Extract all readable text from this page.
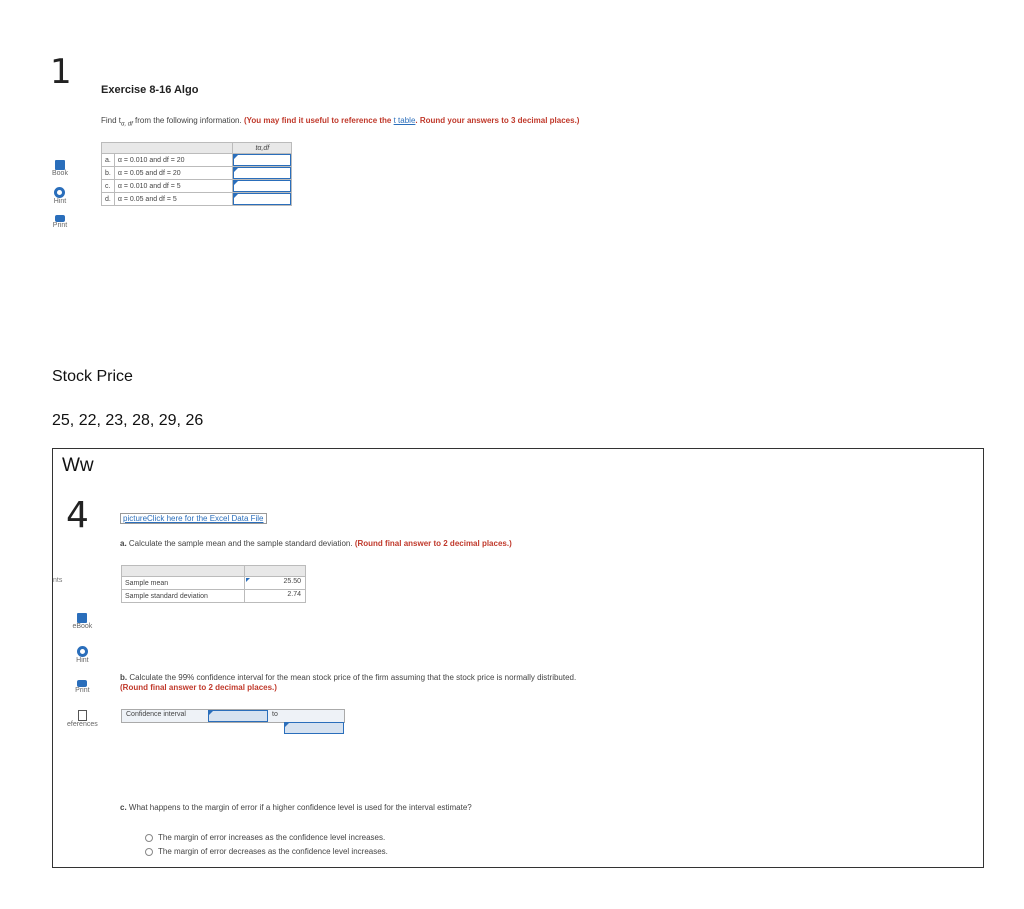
1
Book
Hint
Print
Exercise 8-16 Algo
Find $t_{\alpha, df}$ from the following information. (You may find it useful to reference the t table. Round your answers to 3 decimal places.)
		tα,df
a.	α = 0.010 and df = 20	

b.	α = 0.05 and df = 20	

c.	α = 0.010 and df = 5	

d.	α = 0.05 and df = 5	
Stock Price
25, 22, 23, 28, 29, 26
Ww
4
nts
eBook
Hint
Print
eferences
pictureClick here for the Excel Data File
a. Calculate the sample mean and the sample standard deviation. (Round final answer to 2 decimal places.)

Sample mean	25.50

Sample standard deviation	2.74
b. Calculate the 99% confidence interval for the mean stock price of the firm assuming that the stock price is normally distributed.
(Round final answer to 2 decimal places.)
Confidence interval	to
c. What happens to the margin of error if a higher confidence level is used for the interval estimate?
The margin of error increases as the confidence level increases.
The margin of error decreases as the confidence level increases.
